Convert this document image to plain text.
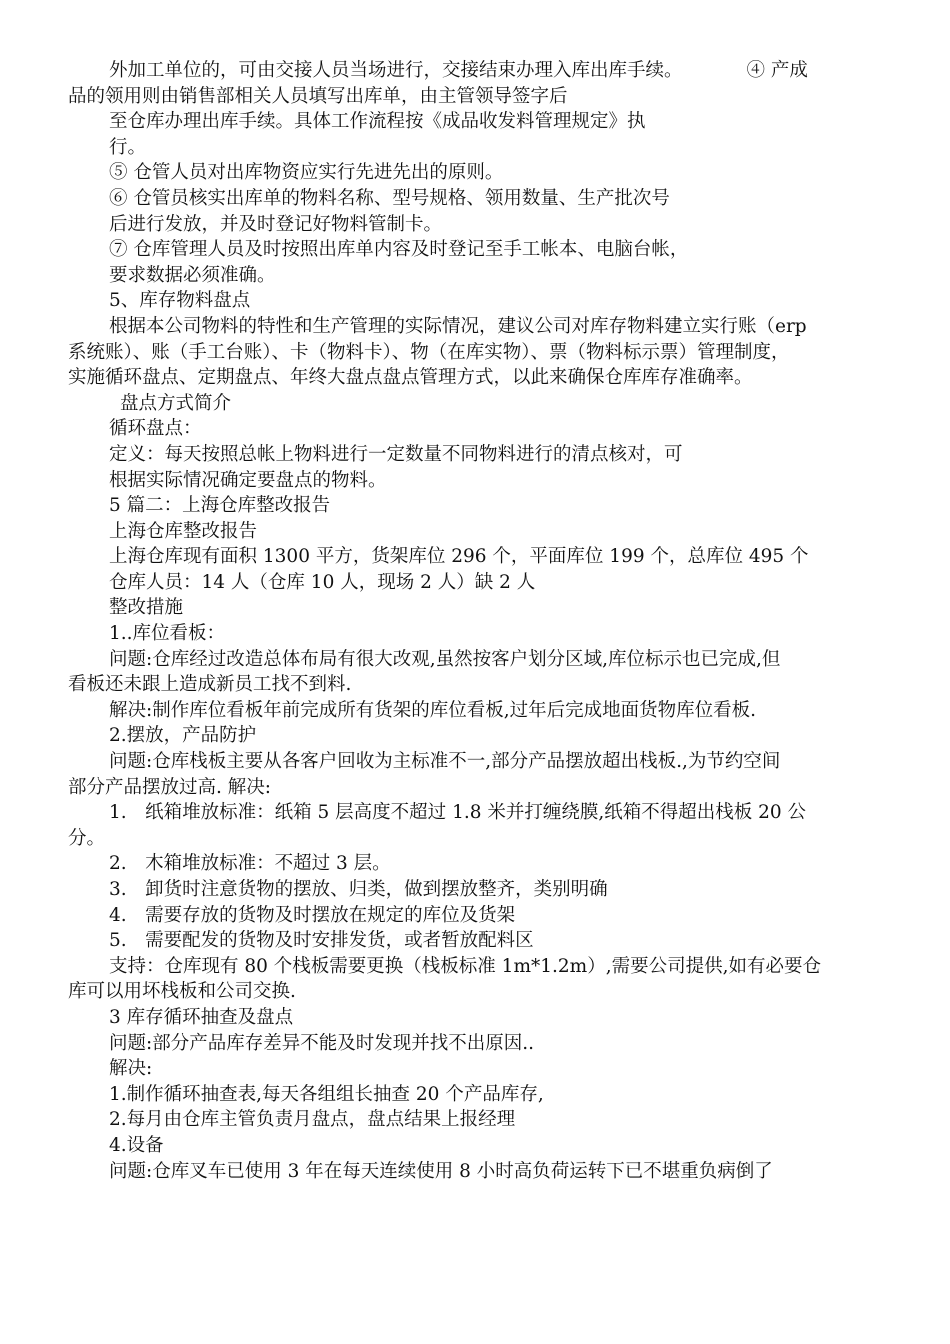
外加工单位的，可由交接人员当场进行，交接结束办理入库出库手续。	④ 产成
品的领用则由销售部相关人员填写出库单，由主管领导签字后
至仓库办理出库手续。具体工作流程按《成品收发料管理规定》执
行。
⑤ 仓管人员对出库物资应实行先进先出的原则。
⑥ 仓管员核实出库单的物料名称、型号规格、领用数量、生产批次号
后进行发放，并及时登记好物料管制卡。
⑦ 仓库管理人员及时按照出库单内容及时登记至手工帐本、电脑台帐，
要求数据必须准确。
5、库存物料盘点
根据本公司物料的特性和生产管理的实际情况，建议公司对库存物料建立实行账（erp
系统账）、账（手工台账）、卡（物料卡）、物（在库实物）、票（物料标示票）管理制度，
实施循环盘点、定期盘点、年终大盘点盘点管理方式，以此来确保仓库库存准确率。
盘点方式简介
循环盘点：
定义：每天按照总帐上物料进行一定数量不同物料进行的清点核对，可
根据实际情况确定要盘点的物料。
5 篇二：上海仓库整改报告
上海仓库整改报告
上海仓库现有面积 1300 平方，货架库位 296 个，平面库位 199 个，总库位 495 个
仓库人员：14 人（仓库 10 人，现场 2 人）缺 2 人
整改措施
1..库位看板：
问题:仓库经过改造总体布局有很大改观,虽然按客户划分区域,库位标示也已完成,但
看板还未跟上造成新员工找不到料.
解决:制作库位看板年前完成所有货架的库位看板,过年后完成地面货物库位看板.
2.摆放，产品防护
问题:仓库栈板主要从各客户回收为主标准不一,部分产品摆放超出栈板.,为节约空间
部分产品摆放过高. 解决:
1.　纸箱堆放标准：纸箱 5 层高度不超过 1.8 米并打缠绕膜,纸箱不得超出栈板 20 公
分。
2.　木箱堆放标准：不超过 3 层。
3.　卸货时注意货物的摆放、归类，做到摆放整齐，类别明确
4.　需要存放的货物及时摆放在规定的库位及货架
5.　需要配发的货物及时安排发货，或者暂放配料区
支持：仓库现有 80 个栈板需要更换（栈板标准 1m*1.2m）,需要公司提供,如有必要仓
库可以用坏栈板和公司交换.
3 库存循环抽查及盘点
问题:部分产品库存差异不能及时发现并找不出原因..
解决:
1.制作循环抽查表,每天各组组长抽查 20 个产品库存,
2.每月由仓库主管负责月盘点，盘点结果上报经理
4.设备
问题:仓库叉车已使用 3 年在每天连续使用 8 小时高负荷运转下已不堪重负病倒了
